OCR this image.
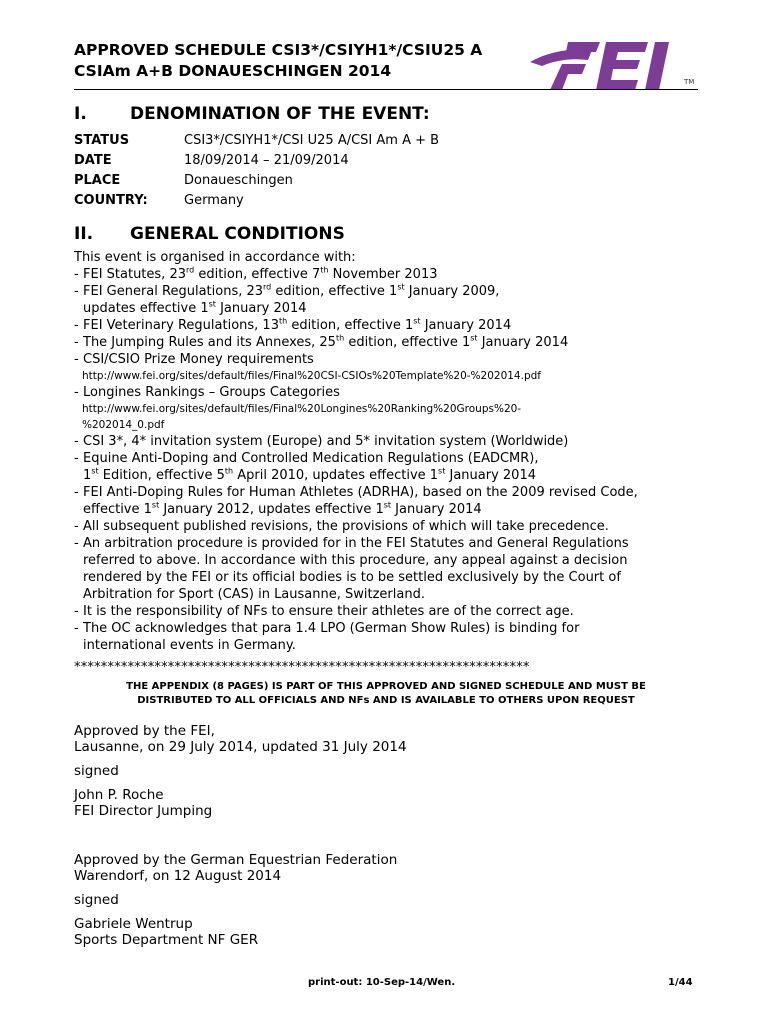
APPROVED SCHEDULE CSI3*/CSIYH1*/CSIU25 A
CSIAm A+B DONAUESCHINGEN 2014
TM
I.	DENOMINATION OF THE EVENT:
STATUS	CSI3*/CSIYH1*/CSI U25 A/CSI Am A + B
DATE	18/09/2014 – 21/09/2014
PLACE	Donaueschingen
COUNTRY:	Germany
II. GENERAL CONDITIONS

This event is organised in accordance with:

- FEI Statutes, 23rd edition, effective 7th November 2013
- FEI General Regulations, 23rd edition, effective 1st January 2009,
updates effective 1st January 2014
- FEI Veterinary Regulations, 13th edition, effective 1st January 2014
- The Jumping Rules and its Annexes, 25th edition, effective 1st January 2014
- CSI/CSIO Prize Money requirements
http://www.fei.org/sites/default/files/Final%20CSI-CSIOs%20Template%20-%202014.pdf
- Longines Rankings – Groups Categories
http://www.fei.org/sites/default/files/Final%20Longines%20Ranking%20Groups%20-
%202014_0.pdf
- CSI 3*, 4* invitation system (Europe) and 5* invitation system (Worldwide)
- Equine Anti-Doping and Controlled Medication Regulations (EADCMR),
1st Edition, effective 5th April 2010, updates effective 1st January 2014
- FEI Anti-Doping Rules for Human Athletes (ADRHA), based on the 2009 revised Code,
effective 1st January 2012, updates effective 1st January 2014
- All subsequent published revisions, the provisions of which will take precedence.
- An arbitration procedure is provided for in the FEI Statutes and General Regulations
referred to above. In accordance with this procedure, any appeal against a decision
rendered by the FEI or its official bodies is to be settled exclusively by the Court of
Arbitration for Sport (CAS) in Lausanne, Switzerland.
- It is the responsibility of NFs to ensure their athletes are of the correct age.
- The OC acknowledges that para 1.4 LPO (German Show Rules) is binding for
international events in Germany.
********************************************************************
THE APPENDIX (8 PAGES) IS PART OF THIS APPROVED AND SIGNED SCHEDULE AND MUST BE
DISTRIBUTED TO ALL OFFICIALS AND NFs AND IS AVAILABLE TO OTHERS UPON REQUEST
Approved by the FEI,
Lausanne, on 29 July 2014, updated 31 July 2014
signed
John P. Roche
FEI Director Jumping
Approved by the German Equestrian Federation
Warendorf, on 12 August 2014
signed
Gabriele Wentrup
Sports Department NF GER
print-out: 10-Sep-14/Wen.	1/44
